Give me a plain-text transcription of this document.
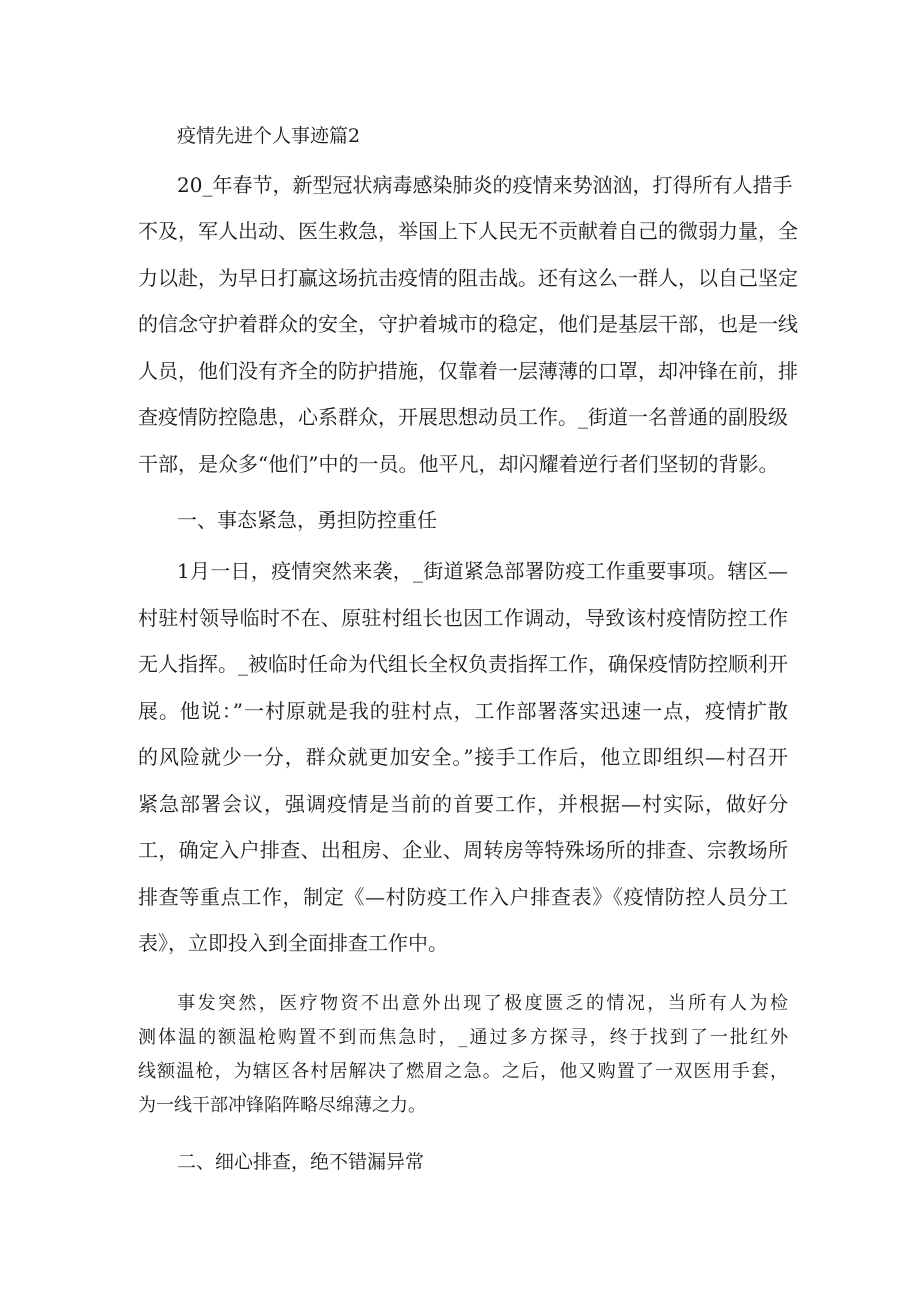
疫情先进个人事迹篇2
20_年春节，新型冠状病毒感染肺炎的疫情来势汹汹，打得所有人措手
不及，军人出动、医生救急，举国上下人民无不贡献着自己的微弱力量，全
力以赴，为早日打赢这场抗击疫情的阻击战。还有这么一群人，以自己坚定
的信念守护着群众的安全，守护着城市的稳定，他们是基层干部，也是一线
人员，他们没有齐全的防护措施，仅靠着一层薄薄的口罩，却冲锋在前，排
查疫情防控隐患，心系群众，开展思想动员工作。_街道一名普通的副股级
干部，是众多“他们”中的一员。他平凡，却闪耀着逆行者们坚韧的背影。
一、事态紧急，勇担防控重任
1月一日，疫情突然来袭，_街道紧急部署防疫工作重要事项。辖区—
村驻村领导临时不在、原驻村组长也因工作调动，导致该村疫情防控工作
无人指挥。_被临时任命为代组长全权负责指挥工作，确保疫情防控顺利开
展。他说：”一村原就是我的驻村点，工作部署落实迅速一点，疫情扩散
的风险就少一分，群众就更加安全。”接手工作后，他立即组织—村召开
紧急部署会议，强调疫情是当前的首要工作，并根据—村实际，做好分
工，确定入户排查、出租房、企业、周转房等特殊场所的排查、宗教场所
排查等重点工作，制定《—村防疫工作入户排查表》《疫情防控人员分工
表》，立即投入到全面排查工作中。
事发突然，医疗物资不出意外出现了极度匮乏的情况，当所有人为检
测体温的额温枪购置不到而焦急时，_通过多方探寻，终于找到了一批红外
线额温枪，为辖区各村居解决了燃眉之急。之后，他又购置了一双医用手套，
为一线干部冲锋陷阵略尽绵薄之力。
二、细心排查，绝不错漏异常
